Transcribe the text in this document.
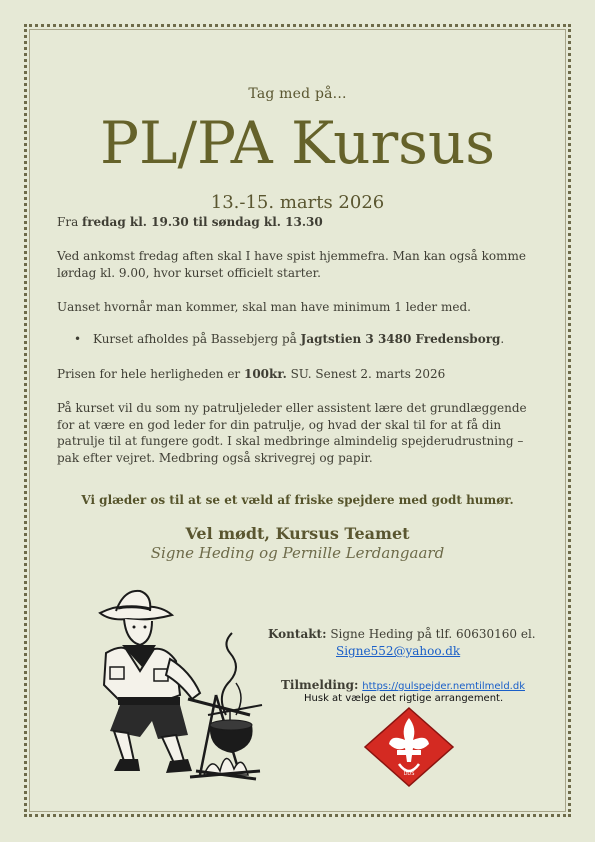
Tag med på...
PL/PA Kursus
13.-15. marts 2026
Fra fredag kl. 19.30 til søndag kl. 13.30
Ved ankomst fredag aften skal I have spist hjemmefra. Man kan også komme lørdag kl. 9.00, hvor kurset officielt starter.
Uanset hvornår man kommer, skal man have minimum 1 leder med.
• Kurset afholdes på Bassebjerg på Jagtstien 3 3480 Fredensborg.
Prisen for hele herligheden er 100kr. SU. Senest 2. marts 2026
På kurset vil du som ny patruljeleder eller assistent lære det grundlæggende for at være en god leder for din patrulje, og hvad der skal til for at få din patrulje til at fungere godt. I skal medbringe almindelig spejderudrustning – pak efter vejret. Medbring også skrivegrej og papir.
Vi glæder os til at se et væld af friske spejdere med godt humør.
Vel mødt, Kursus Teamet
Signe Heding og Pernille Lerdangaard
Kontakt: Signe Heding på tlf. 60630160 el.
Signe552@yahoo.dk
Tilmelding: https://gulspejder.nemtilmeld.dk
Husk at vælge det rigtige arrangement.
DDS
